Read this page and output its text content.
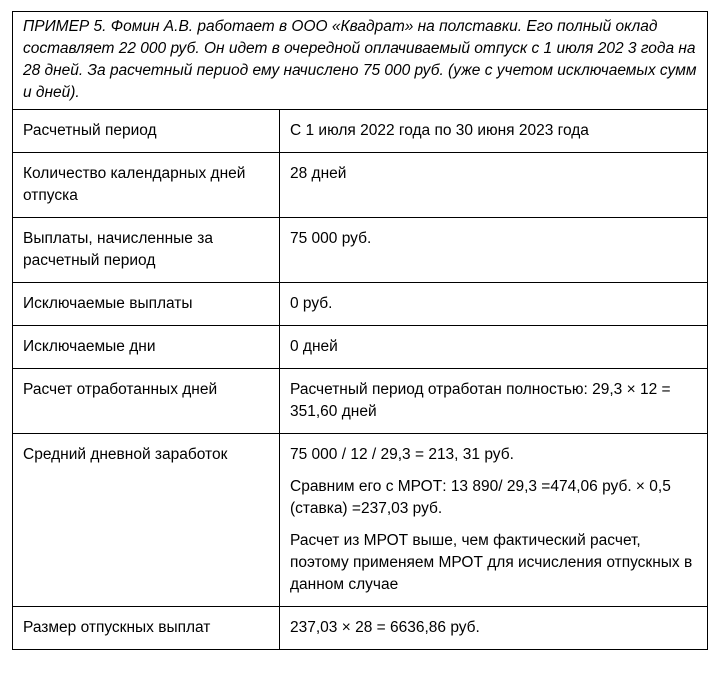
ПРИМЕР 5. Фомин А.В. работает в ООО «Квадрат» на полставки. Его полный оклад составляет 22 000 руб. Он идет в очередной оплачиваемый отпуск с 1 июля 202 3 года на 28 дней. За расчетный период ему начислено 75 000 руб. (уже с учетом исключаемых сумм и дней).	
Расчетный период	С 1 июля 2022 года по 30 июня 2023 года
Количество календарных дней отпуска	28 дней
Выплаты, начисленные за расчетный период	75 000 руб.
Исключаемые выплаты	0 руб.
Исключаемые дни	0 дней
Расчет отработанных дней	Расчетный период отработан полностью: 29,3 × 12 = 351,60 дней
Средний дневной заработок	75 000 / 12 / 29,3 = 213, 31 руб.

Сравним его с МРОТ: 13 890/ 29,3 =474,06 руб. × 0,5 (ставка) =237,03 руб.

Расчет из МРОТ выше, чем фактический расчет, поэтому применяем МРОТ для исчисления отпускных в данном случае

Размер отпускных выплат	237,03 × 28 = 6636,86 руб.
